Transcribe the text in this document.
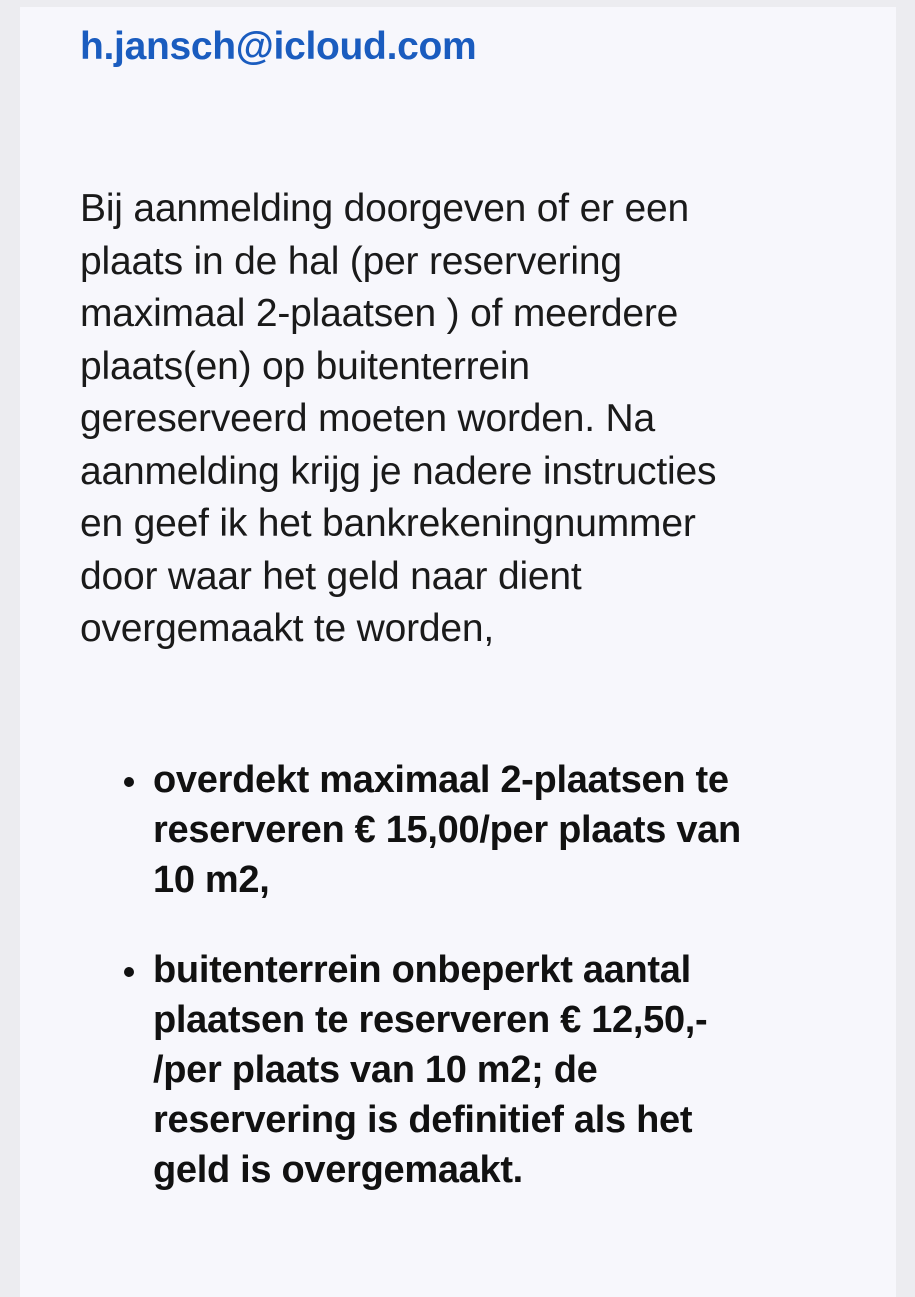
h.jansch@icloud.com
Bij aanmelding doorgeven of er een
plaats in de hal (per reservering
maximaal 2-plaatsen ) of meerdere
plaats(en) op buitenterrein
gereserveerd moeten worden. Na
aanmelding krijg je nadere instructies
en geef ik het bankrekeningnummer
door waar het geld naar dient
overgemaakt te worden,
overdekt maximaal 2-plaatsen te
reserveren € 15,00/per plaats van
10 m2,
buitenterrein onbeperkt aantal
plaatsen te reserveren € 12,50,-
/per plaats van 10 m2; de
reservering is definitief als het
geld is overgemaakt.
